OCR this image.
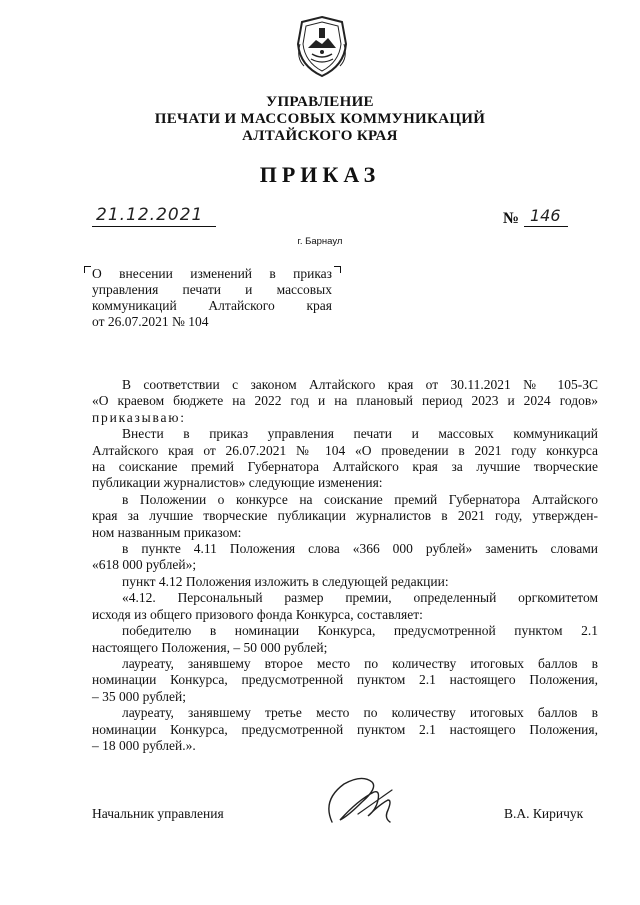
УПРАВЛЕНИЕ
ПЕЧАТИ И МАССОВЫХ КОММУНИКАЦИЙ
АЛТАЙСКОГО КРАЯ
ПРИКАЗ
21.12.2021	№ 146
г. Барнаул
О внесении изменений в приказ
управления печати и массовых
коммуникаций Алтайского края
от 26.07.2021 № 104
В соответствии с законом Алтайского края от 30.11.2021 № 105-ЗС
«О краевом бюджете на 2022 год и на плановый период 2023 и 2024 годов»
приказываю:
Внести в приказ управления печати и массовых коммуникаций
Алтайского края от 26.07.2021 № 104 «О проведении в 2021 году конкурса
на соискание премий Губернатора Алтайского края за лучшие творческие
публикации журналистов» следующие изменения:
в Положении о конкурсе на соискание премий Губернатора Алтайского
края за лучшие творческие публикации журналистов в 2021 году, утвержден-
ном названным приказом:
в пункте 4.11 Положения слова «366 000 рублей» заменить словами
«618 000 рублей»;
пункт 4.12 Положения изложить в следующей редакции:
«4.12. Персональный размер премии, определенный оргкомитетом
исходя из общего призового фонда Конкурса, составляет:
победителю в номинации Конкурса, предусмотренной пунктом 2.1
настоящего Положения, – 50 000 рублей;
лауреату, занявшему второе место по количеству итоговых баллов в
номинации Конкурса, предусмотренной пунктом 2.1 настоящего Положения,
– 35 000 рублей;
лауреату, занявшему третье место по количеству итоговых баллов в
номинации Конкурса, предусмотренной пунктом 2.1 настоящего Положения,
– 18 000 рублей.».
Начальник управления	В.А. Киричук
